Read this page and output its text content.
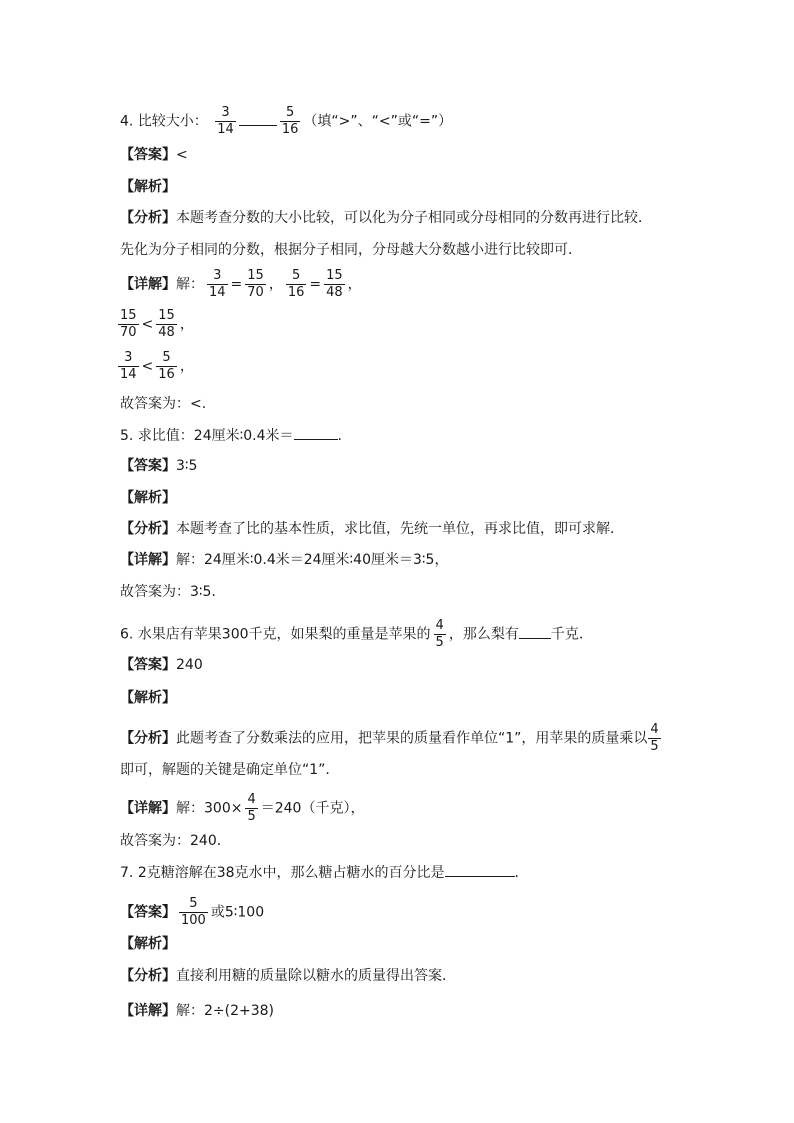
4. 比较大小： $\frac{3}{14}$	$\frac{5}{16}$ （填“>”、“<”或“=”）
【答案】<
【解析】
【分析】本题考查分数的大小比较，可以化为分子相同或分母相同的分数再进行比较．
先化为分子相同的分数，根据分子相同，分母越大分数越小进行比较即可．
【详解】解： $\frac{3}{14} = \frac{15}{70}$ ， $\frac{5}{16} = \frac{15}{48}$ ，
$\frac{15}{70} < \frac{15}{48}$ ，
$\frac{3}{14} < \frac{5}{16}$ ，
故答案为：<.
5. 求比值：24厘米∶0.4米＝	.
【答案】3∶5
【解析】
【分析】本题考查了比的基本性质，求比值，先统一单位，再求比值，即可求解．
【详解】解：24厘米∶0.4米＝24厘米∶40厘米＝3∶5，
故答案为：3∶5．
6. 水果店有苹果300千克，如果梨的重量是苹果的 $\frac{4}{5}$ ，那么梨有 千克．
【答案】240
【解析】
【分析】此题考查了分数乘法的应用，把苹果的质量看作单位“1”，用苹果的质量乘以 $\frac{4}{5}$
即可，解题的关键是确定单位“1”.
【详解】解：$300\times \frac{4}{5} =240$（千克），
故答案为：240．
7. 2克糖溶解在38克水中，那么糖占糖水的百分比是	.
【答案】 $\frac{5}{100}$ 或5∶100
【解析】
【分析】直接利用糖的质量除以糖水的质量得出答案．
【详解】解：2÷(2+38)
